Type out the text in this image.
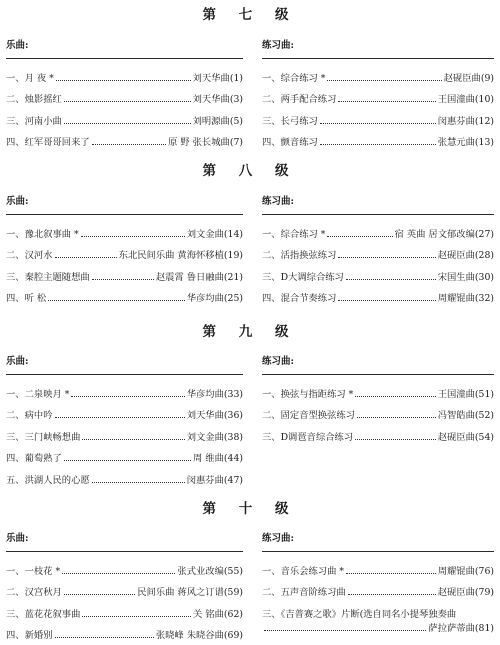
第 七 级
乐曲:
一、月 夜 *	刘天华曲 (1)
二、烛影摇红	刘天华曲 (3)
三、河南小曲	刘明源曲 (5)
四、红军哥哥回来了	原 野 张长城曲 (7)
练习曲:
一、综合练习 *	赵砚臣曲 (9)
二、两手配合练习	王国潼曲 (10)
三、长弓练习	闵惠芬曲 (12)
四、颤音练习	张慧元曲 (13)
第 八 级
乐曲:
一、豫北叙事曲 *	刘文金曲 (14)
二、汉河水	东北民间乐曲 黄海怀移植 (19)
三、秦腔主题随想曲	赵震霄 鲁日融曲 (21)
四、听 松	华彦均曲 (25)
练习曲:
一、综合练习 *	宿 英曲 居文郁改编 (27)
二、活指换弦练习	赵砚臣曲 (28)
三、D大调综合练习	宋国生曲 (30)
四、混合节奏练习	周耀锟曲 (32)
第 九 级
乐曲:
一、二泉映月 *	华彦均曲 (33)
二、病中吟	刘天华曲 (36)
三、三门峡畅想曲	刘文金曲 (38)
四、葡萄熟了	周 维曲 (44)
五、洪湖人民的心愿	闵惠芬曲 (47)
练习曲:
一、换弦与指距练习 *	王国潼曲 (51)
二、固定音型换弦练习	冯智皓曲 (52)
三、D调琶音综合练习	赵砚臣曲 (54)
第 十 级
乐曲:
一、一枝花 *	张式业改编 (55)
二、汉宫秋月	民间乐曲 蒋风之订谱 (59)
三、蓝花花叙事曲	关 铭曲 (62)
四、新婚别	张晓峰 朱晓谷曲 (69)
练习曲:
一、音乐会练习曲 *	周耀锟曲 (76)
二、五声音阶练习曲	赵砚臣曲 (79)
三、《吉普赛之歌》片断(选自同名小提琴独奏曲
萨拉萨蒂曲(81)
